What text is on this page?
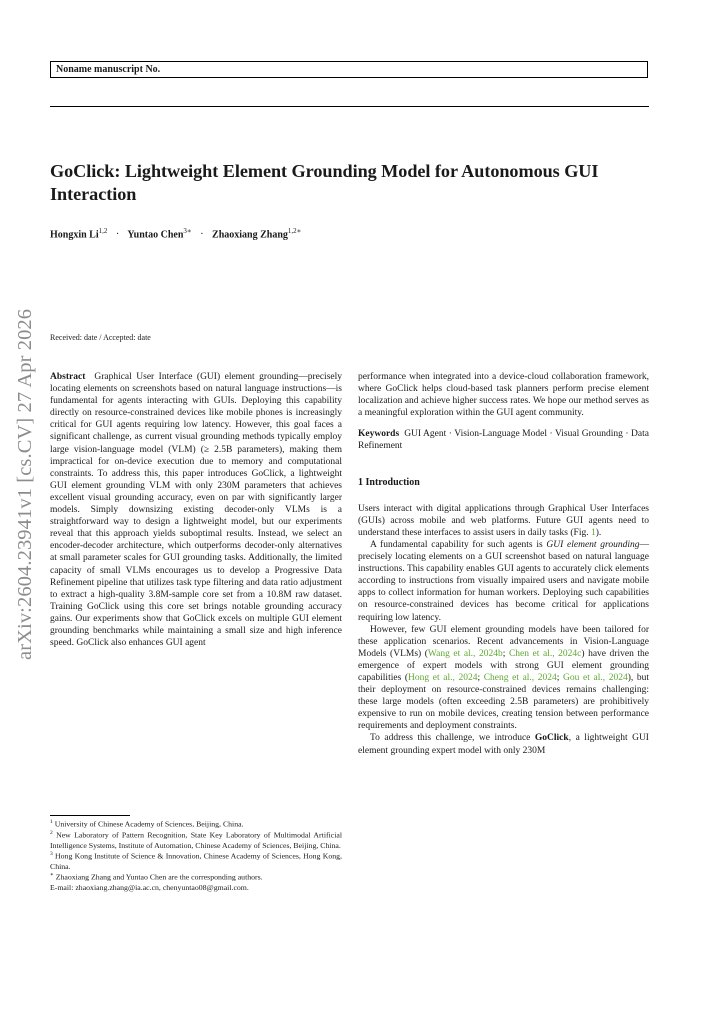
Noname manuscript No.
GoClick: Lightweight Element Grounding Model for Autonomous GUI Interaction
Hongxin Li$^{1,2}$ · Yuntao Chen$^{3∗}$ · Zhaoxiang Zhang$^{1,2∗}$
arXiv:2604.23941v1 [cs.CV] 27 Apr 2026 Received: date / Accepted: date

Abstract Graphical User Interface (GUI) element grounding—precisely locating elements on screenshots based on natural language instructions—is fundamental for agents interacting with GUIs. Deploying this capability directly on resource-constrained devices like mobile phones is increasingly critical for GUI agents requiring low latency. However, this goal faces a significant challenge, as current visual grounding methods typically employ large vision-language model (VLM) (≥ 2.5B parameters), making them impractical for on-device execution due to memory and computational constraints. To address this, this paper introduces GoClick, a lightweight GUI element grounding VLM with only 230M parameters that achieves excellent visual grounding accuracy, even on par with significantly larger models. Simply downsizing existing decoder-only VLMs is a straightforward way to design a lightweight model, but our experiments reveal that this approach yields suboptimal results. Instead, we select an encoder-decoder architecture, which outperforms decoder-only alternatives at small parameter scales for GUI grounding tasks. Additionally, the limited capacity of small VLMs encourages us to develop a Progressive Data Refinement pipeline that utilizes task type filtering and data ratio adjustment to extract a high-quality 3.8M-sample core set from a 10.8M raw dataset. Training GoClick using this core set brings notable grounding accuracy gains. Our experiments show that GoClick excels on multiple GUI element grounding benchmarks while maintaining a small size and high inference speed. GoClick also enhances GUI agent

performance when integrated into a device-cloud collaboration framework, where GoClick helps cloud-based task planners perform precise element localization and achieve higher success rates. We hope our method serves as a meaningful exploration within the GUI agent community.

Keywords GUI Agent · Vision-Language Model · Visual Grounding · Data Refinement

1 Introduction

Users interact with digital applications through Graphical User Interfaces (GUIs) across mobile and web platforms. Future GUI agents need to understand these interfaces to assist users in daily tasks (Fig. 1).

A fundamental capability for such agents is GUI element grounding—precisely locating elements on a GUI screenshot based on natural language instructions. This capability enables GUI agents to accurately click elements according to instructions from visually impaired users and navigate mobile apps to collect information for human workers. Deploying such capabilities on resource-constrained devices has become critical for applications requiring low latency.

However, few GUI element grounding models have been tailored for these application scenarios. Recent advancements in Vision-Language Models (VLMs) (Wang et al., 2024b; Chen et al., 2024c) have driven the emergence of expert models with strong GUI element grounding capabilities (Hong et al., 2024; Cheng et al., 2024; Gou et al., 2024), but their deployment on resource-constrained devices remains challenging: these large models (often exceeding 2.5B parameters) are prohibitively expensive to run on mobile devices, creating tension between performance requirements and deployment constraints.

To address this challenge, we introduce GoClick, a lightweight GUI element grounding expert model with only 230M

$^1$ University of Chinese Academy of Sciences, Beijing, China.

$^2$ New Laboratory of Pattern Recognition, State Key Laboratory of Multimodal Artificial Intelligence Systems, Institute of Automation, Chinese Academy of Sciences, Beijing, China.

$^3$ Hong Kong Institute of Science & Innovation, Chinese Academy of Sciences, Hong Kong, China.

∗ Zhaoxiang Zhang and Yuntao Chen are the corresponding authors.

E-mail: zhaoxiang.zhang@ia.ac.cn, chenyuntao08@gmail.com.
